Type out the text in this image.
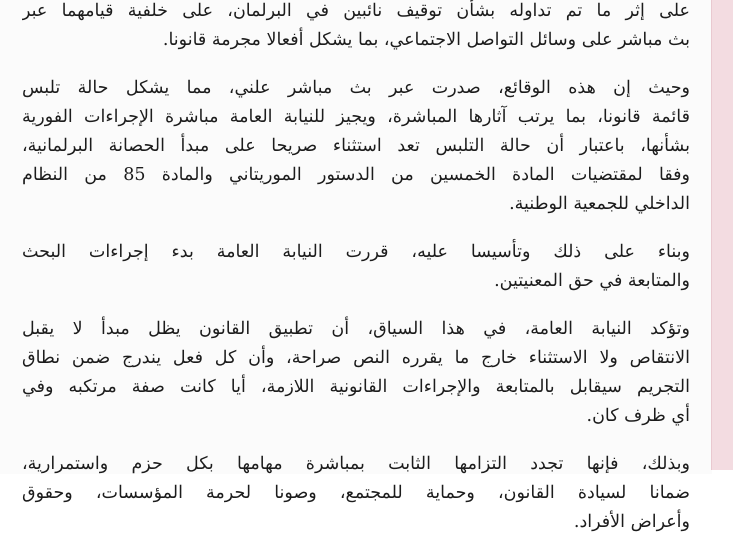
على إثر ما تم تداوله بشأن توقيف نائبين في البرلمان، على خلفية قيامهما عبر
بث مباشر على وسائل التواصل الاجتماعي، بما يشكل أفعالا مجرمة قانونا.

وحيث إن هذه الوقائع، صدرت عبر بث مباشر علني، مما يشكل حالة تلبس
قائمة قانونا، بما يرتب آثارها المباشرة، ويجيز للنيابة العامة مباشرة الإجراءات الفورية
بشأنها، باعتبار أن حالة التلبس تعد استثناء صريحا على مبدأ الحصانة البرلمانية،
وفقا لمقتضيات المادة الخمسين من الدستور الموريتاني والمادة 85 من النظام
الداخلي للجمعية الوطنية.

وبناء على ذلك وتأسيسا عليه، قررت النيابة العامة بدء إجراءات البحث
والمتابعة في حق المعنيتين.

وتؤكد النيابة العامة، في هذا السياق، أن تطبيق القانون يظل مبدأ لا يقبل
الانتقاص ولا الاستثناء خارج ما يقرره النص صراحة، وأن كل فعل يندرج ضمن نطاق
التجريم سيقابل بالمتابعة والإجراءات القانونية اللازمة، أيا كانت صفة مرتكبه وفي
أي ظرف كان.

وبذلك، فإنها تجدد التزامها الثابت بمباشرة مهامها بكل حزم واستمرارية،
ضمانا لسيادة القانون، وحماية للمجتمع، وصونا لحرمة المؤسسات، وحقوق
وأعراض الأفراد.
